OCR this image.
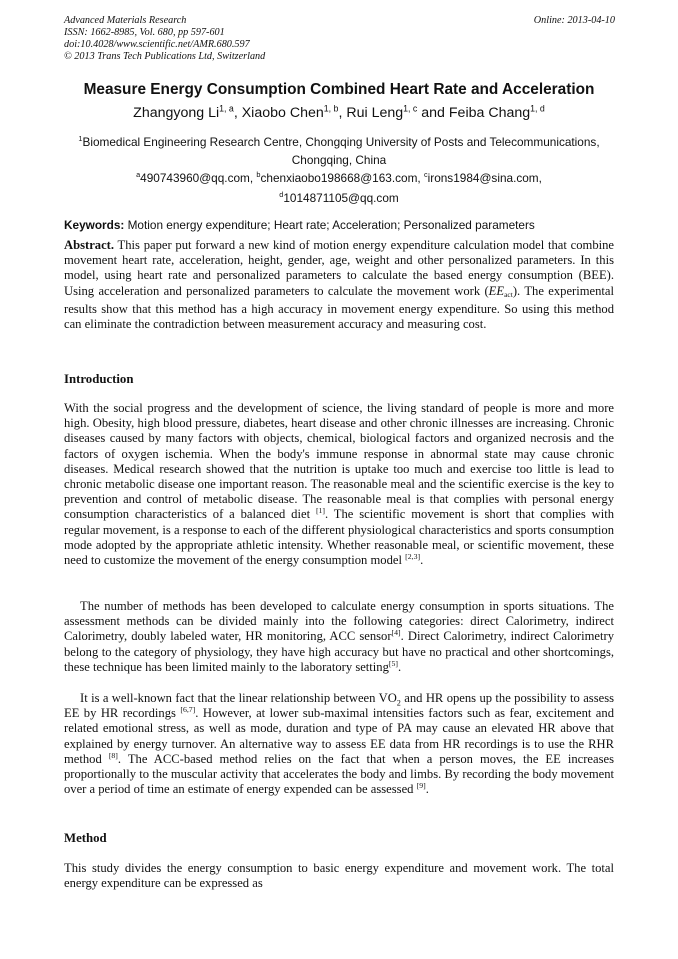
Advanced Materials Research
ISSN: 1662-8985, Vol. 680, pp 597-601
doi:10.4028/www.scientific.net/AMR.680.597
© 2013 Trans Tech Publications Ltd, Switzerland
Online: 2013-04-10
Measure Energy Consumption Combined Heart Rate and Acceleration
Zhangyong Li$^{1, a}$, Xiaobo Chen$^{1, b}$, Rui Leng$^{1, c}$ and Feiba Chang$^{1, d}$
$^1$Biomedical Engineering Research Centre, Chongqing University of Posts and Telecommunications, Chongqing, China
$^a$490743960@qq.com, $^b$chenxiaobo198668@163.com, $^c$irons1984@sina.com,
$^d$1014871105@qq.com
Keywords: Motion energy expenditure; Heart rate; Acceleration; Personalized parameters
Abstract. This paper put forward a new kind of motion energy expenditure calculation model that combine movement heart rate, acceleration, height, gender, age, weight and other personalized parameters. In this model, using heart rate and personalized parameters to calculate the based energy consumption (BEE). Using acceleration and personalized parameters to calculate the movement work (EEact). The experimental results show that this method has a high accuracy in movement energy expenditure. So using this method can eliminate the contradiction between measurement accuracy and measuring cost.
Introduction
With the social progress and the development of science, the living standard of people is more and more high. Obesity, high blood pressure, diabetes, heart disease and other chronic illnesses are increasing. Chronic diseases caused by many factors with objects, chemical, biological factors and organized necrosis and the factors of oxygen ischemia. When the body's immune response in abnormal state may cause chronic diseases. Medical research showed that the nutrition is uptake too much and exercise too little is lead to chronic metabolic disease one important reason. The reasonable meal and the scientific exercise is the key to prevention and control of metabolic disease. The reasonable meal is that complies with personal energy consumption characteristics of a balanced diet [1]. The scientific movement is short that complies with regular movement, is a response to each of the different physiological characteristics and sports consumption mode adopted by the appropriate athletic intensity. Whether reasonable meal, or scientific movement, these need to customize the movement of the energy consumption model [2,3].
The number of methods has been developed to calculate energy consumption in sports situations. The assessment methods can be divided mainly into the following categories: direct Calorimetry, indirect Calorimetry, doubly labeled water, HR monitoring, ACC sensor[4]. Direct Calorimetry, indirect Calorimetry belong to the category of physiology, they have high accuracy but have no practical and other shortcomings, these technique has been limited mainly to the laboratory setting[5].
It is a well-known fact that the linear relationship between $VO_2$ and HR opens up the possibility to assess EE by HR recordings [6,7]. However, at lower sub-maximal intensities factors such as fear, excitement and related emotional stress, as well as mode, duration and type of PA may cause an elevated HR above that explained by energy turnover. An alternative way to assess EE data from HR recordings is to use the RHR method [8]. The ACC-based method relies on the fact that when a person moves, the EE increases proportionally to the muscular activity that accelerates the body and limbs. By recording the body movement over a period of time an estimate of energy expended can be assessed [9].
Method
This study divides the energy consumption to basic energy expenditure and movement work. The total energy expenditure can be expressed as
